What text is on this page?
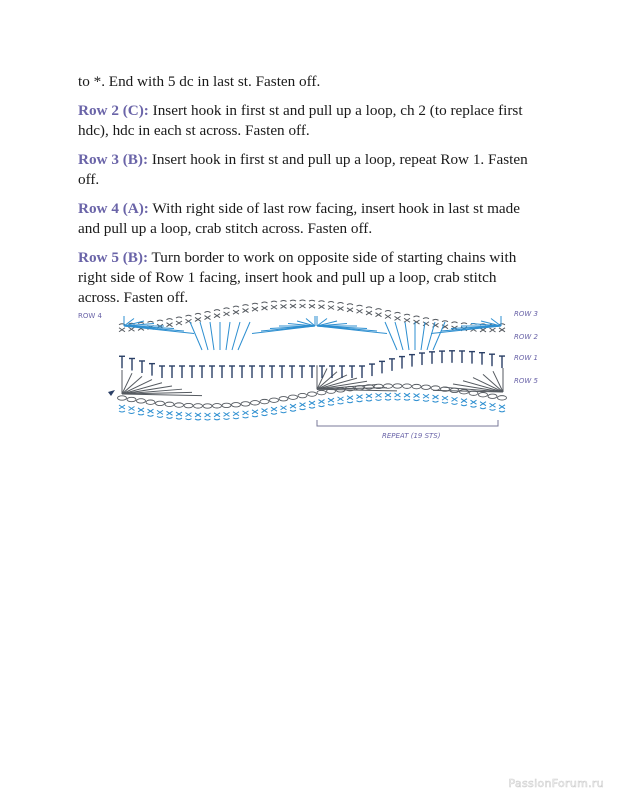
to *. End with 5 dc in last st. Fasten off.

Row 2 (C): Insert hook in first st and pull up a loop, ch 2 (to replace first hdc), hdc in each st across. Fasten off.

Row 3 (B): Insert hook in first st and pull up a loop, repeat Row 1. Fasten off.

Row 4 (A): With right side of last row facing, insert hook in last st made and pull up a loop, crab stitch across. Fasten off.

Row 5 (B): Turn border to work on opposite side of starting chains with right side of Row 1 facing, insert hook and pull up a loop, crab stitch across. Fasten off.

ROW 4	ROW 3
ROW 2
ROW 1
ROW 5
REPEAT (19 STS)
PassionForum.ru
